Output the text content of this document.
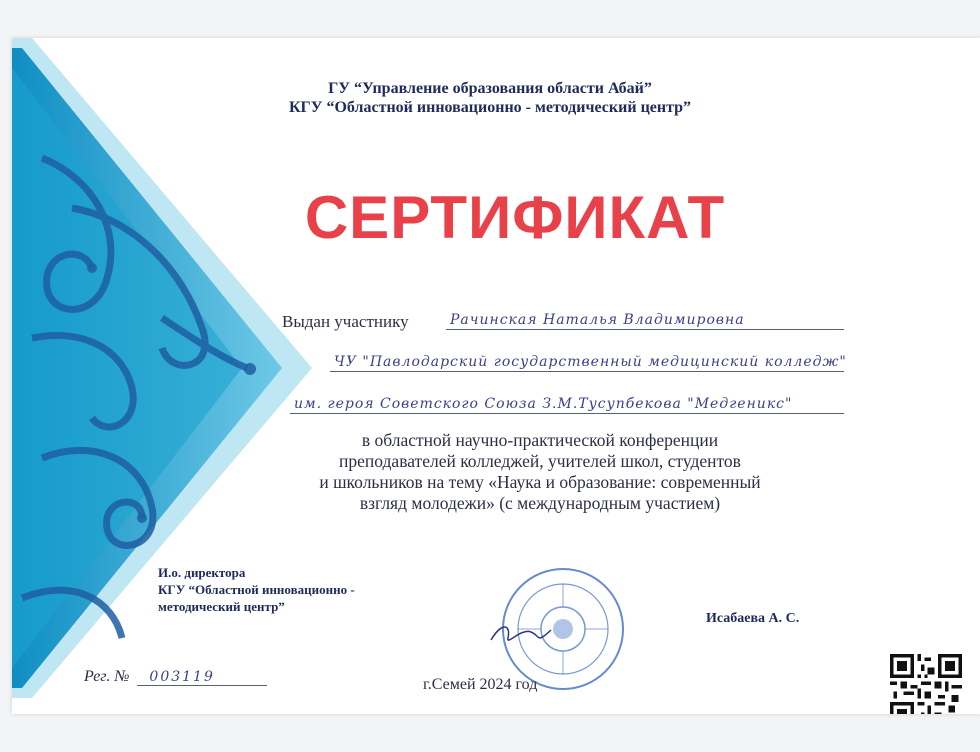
ГУ “Управление образования области Абай”
КГУ “Областной инновационно - методический центр”
СЕРТИФИКАТ
Выдан участнику	Рачинская Наталья Владимировна
ЧУ "Павлодарский государственный медицинский колледж"
им. героя Советского Союза З.М.Тусупбекова "Медгеникс"
в областной научно-практической конференции
преподавателей колледжей, учителей школ, студентов
и школьников на тему «Наука и образование: современный
взгляд молодежи» (с международным участием)
И.о. директора
КГУ “Областной инновационно -
методический центр”
Исабаева А. С.
Рег. № 003119	г.Семей 2024 год
